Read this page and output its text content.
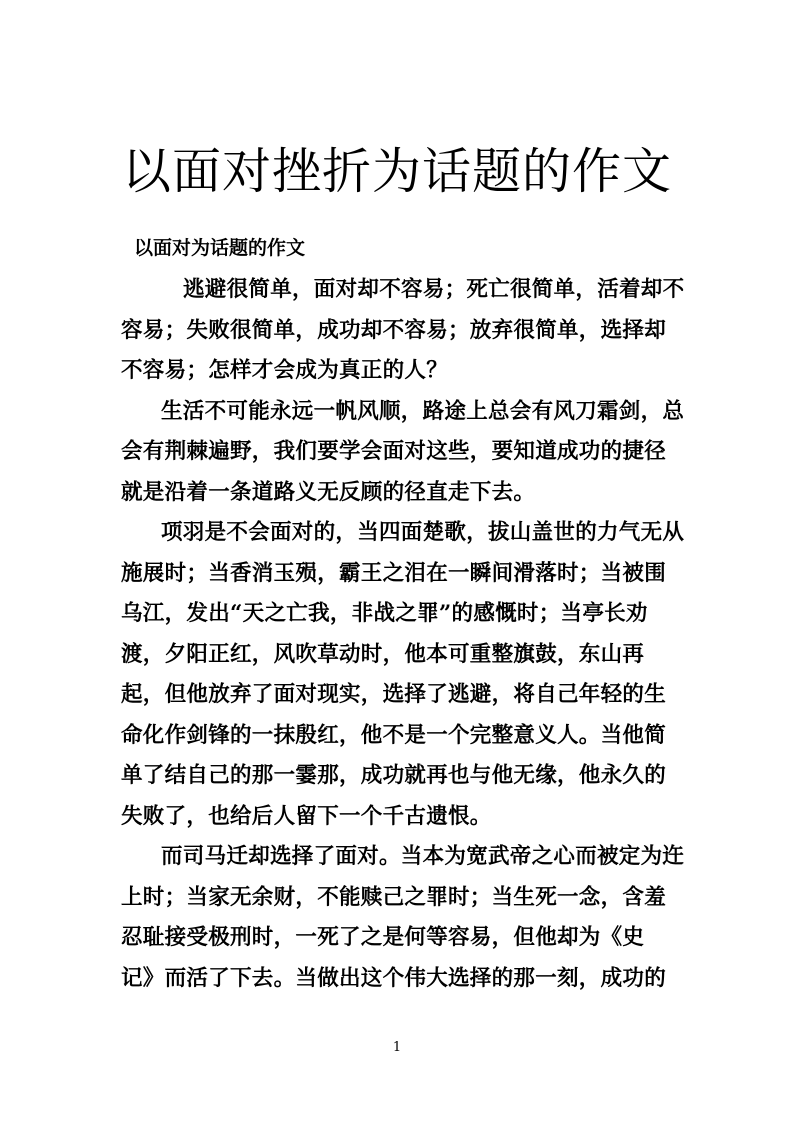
以面对挫折为话题的作文
以面对为话题的作文
逃避很简单，面对却不容易；死亡很简单，活着却不
容易；失败很简单，成功却不容易；放弃很简单，选择却
不容易；怎样才会成为真正的人？
生活不可能永远一帆风顺，路途上总会有风刀霜剑，总
会有荆棘遍野，我们要学会面对这些，要知道成功的捷径
就是沿着一条道路义无反顾的径直走下去。
项羽是不会面对的，当四面楚歌，拔山盖世的力气无从
施展时；当香消玉殒，霸王之泪在一瞬间滑落时；当被围
乌江，发出“天之亡我，非战之罪”的感慨时；当亭长劝
渡，夕阳正红，风吹草动时，他本可重整旗鼓，东山再
起，但他放弃了面对现实，选择了逃避，将自己年轻的生
命化作剑锋的一抹殷红，他不是一个完整意义人。当他简
单了结自己的那一霎那，成功就再也与他无缘，他永久的
失败了，也给后人留下一个千古遗恨。
而司马迁却选择了面对。当本为宽武帝之心而被定为迕
上时；当家无余财，不能赎己之罪时；当生死一念，含羞
忍耻接受极刑时，一死了之是何等容易，但他却为《史
记》而活了下去。当做出这个伟大选择的那一刻，成功的
1
